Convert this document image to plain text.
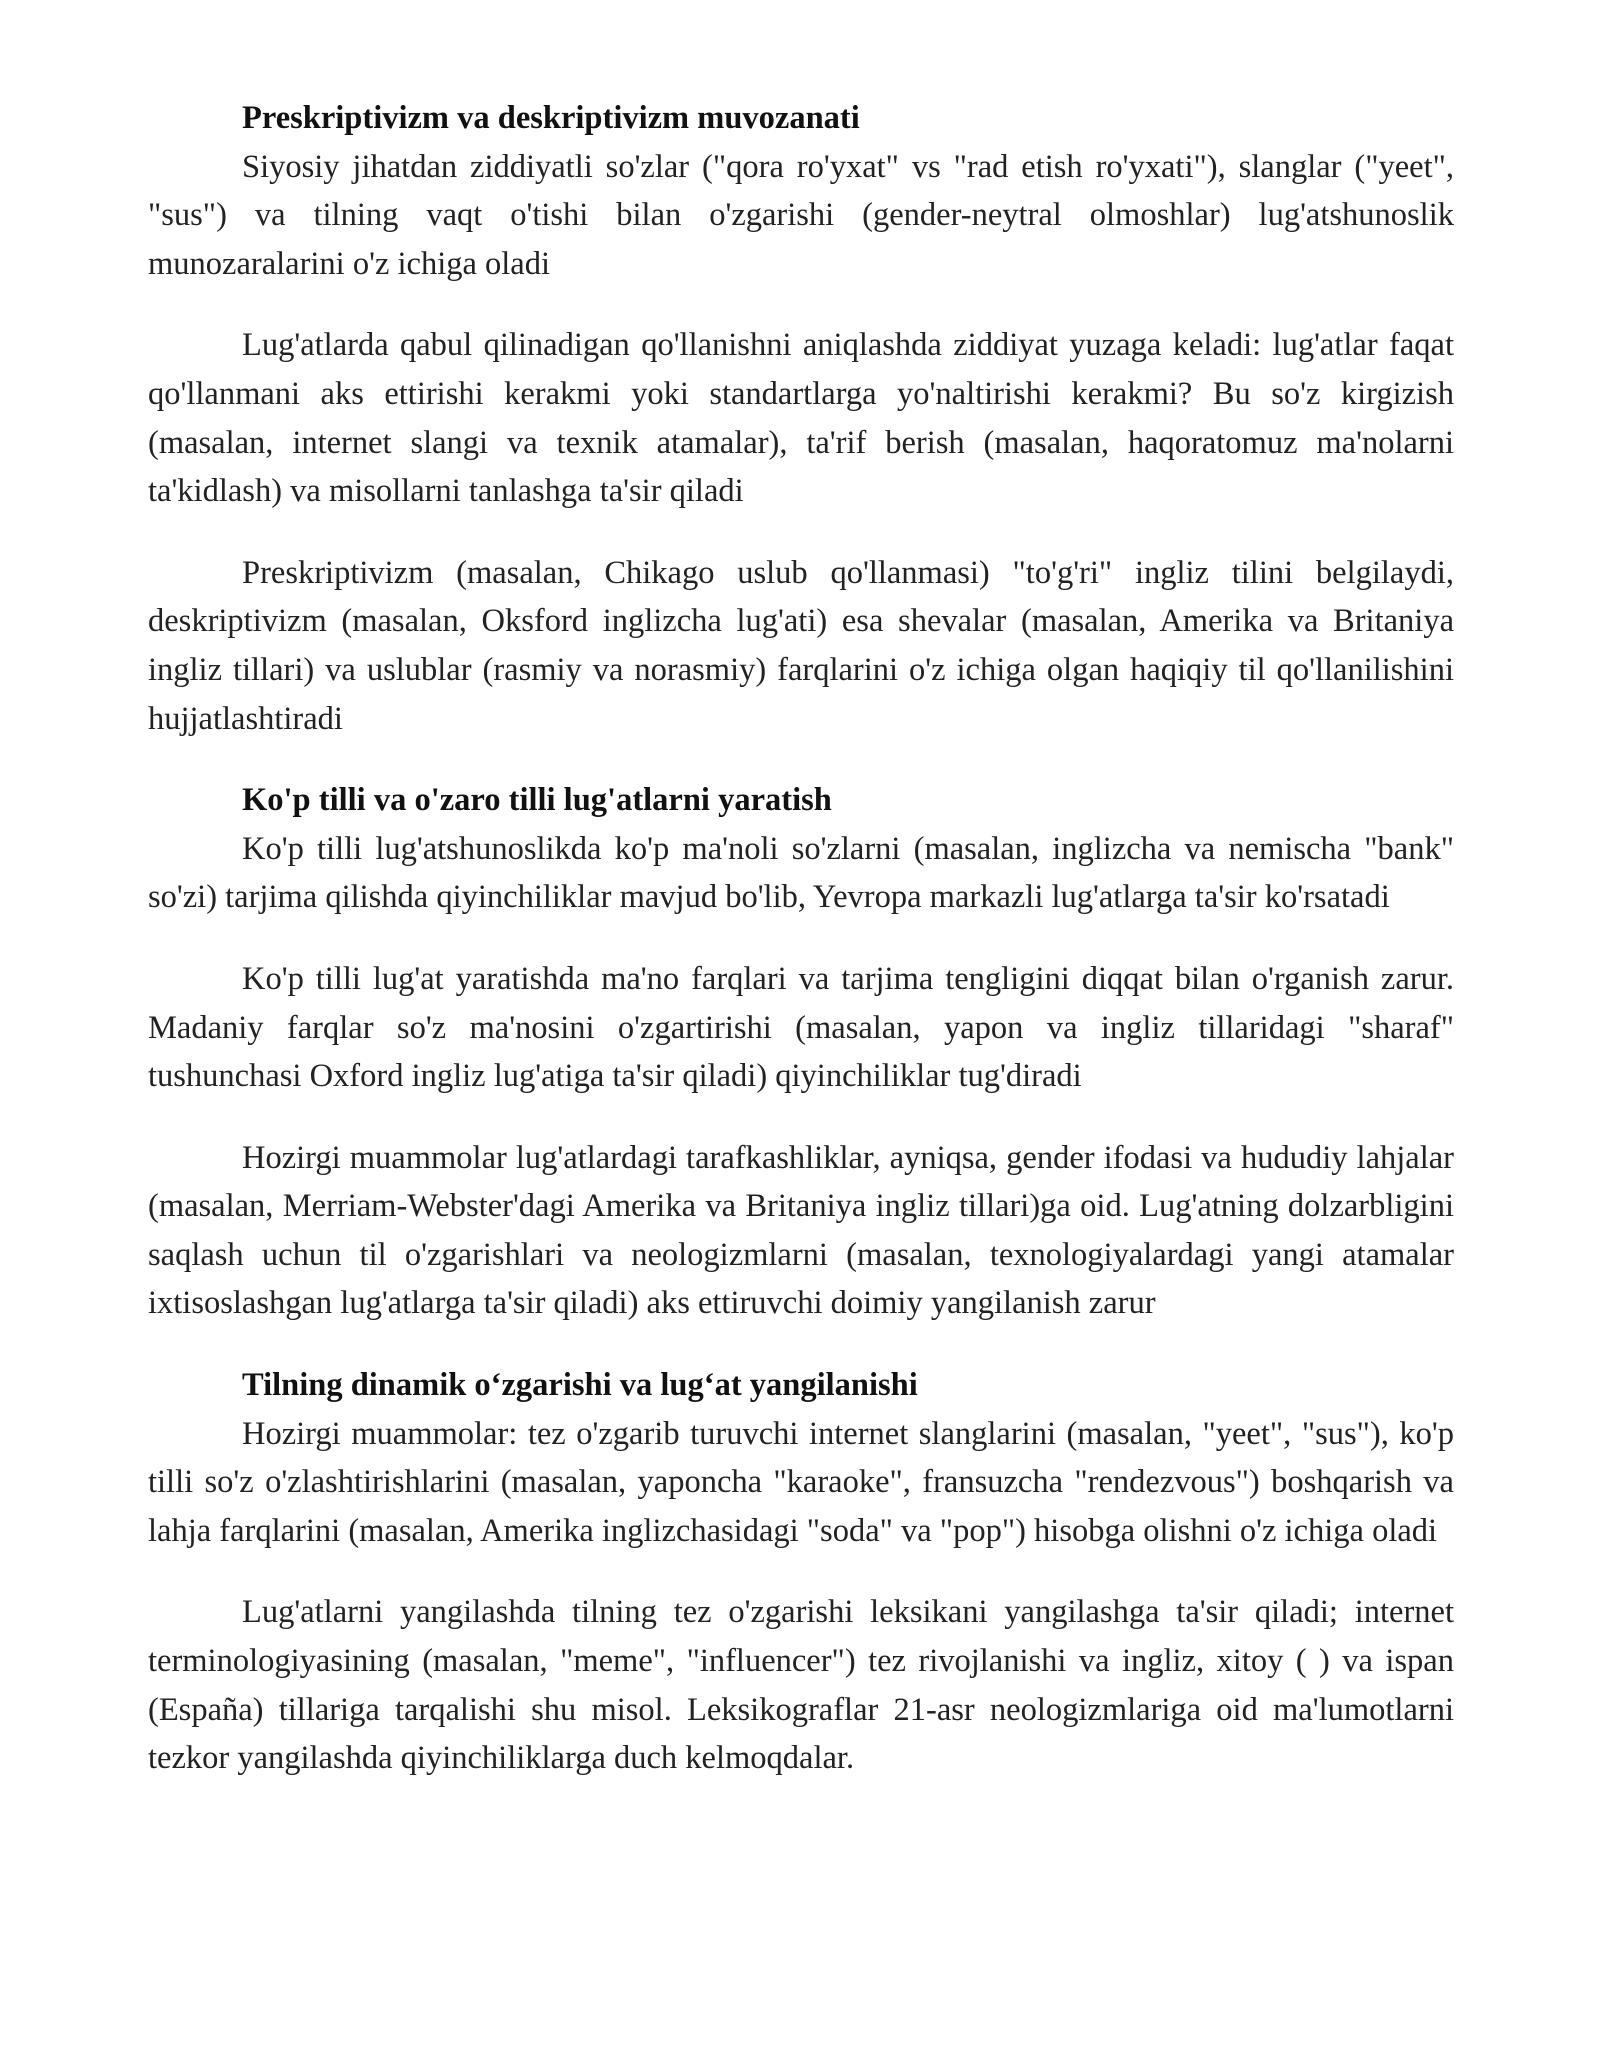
Preskriptivizm va deskriptivizm muvozanati

Siyosiy jihatdan ziddiyatli so'zlar ("qora ro'yxat" vs "rad etish ro'yxati"), slanglar ("yeet", "sus") va tilning vaqt o'tishi bilan o'zgarishi (gender-neytral olmoshlar) lug'atshunoslik munozaralarini o'z ichiga oladi

Lug'atlarda qabul qilinadigan qo'llanishni aniqlashda ziddiyat yuzaga keladi: lug'atlar faqat qo'llanmani aks ettirishi kerakmi yoki standartlarga yo'naltirishi kerakmi? Bu so'z kirgizish (masalan, internet slangi va texnik atamalar), ta'rif berish (masalan, haqoratomuz ma'nolarni ta'kidlash) va misollarni tanlashga ta'sir qiladi

Preskriptivizm (masalan, Chikago uslub qo'llanmasi) "to'g'ri" ingliz tilini belgilaydi, deskriptivizm (masalan, Oksford inglizcha lug'ati) esa shevalar (masalan, Amerika va Britaniya ingliz tillari) va uslublar (rasmiy va norasmiy) farqlarini o'z ichiga olgan haqiqiy til qo'llanilishini hujjatlashtiradi

Ko'p tilli va o'zaro tilli lug'atlarni yaratish

Ko'p tilli lug'atshunoslikda ko'p ma'noli so'zlarni (masalan, inglizcha va nemischa "bank" so'zi) tarjima qilishda qiyinchiliklar mavjud bo'lib, Yevropa markazli lug'atlarga ta'sir ko'rsatadi

Ko'p tilli lug'at yaratishda ma'no farqlari va tarjima tengligini diqqat bilan o'rganish zarur. Madaniy farqlar so'z ma'nosini o'zgartirishi (masalan, yapon va ingliz tillaridagi "sharaf" tushunchasi Oxford ingliz lug'atiga ta'sir qiladi) qiyinchiliklar tug'diradi

Hozirgi muammolar lug'atlardagi tarafkashliklar, ayniqsa, gender ifodasi va hududiy lahjalar (masalan, Merriam-Webster'dagi Amerika va Britaniya ingliz tillari)ga oid. Lug'atning dolzarbligini saqlash uchun til o'zgarishlari va neologizmlarni (masalan, texnologiyalardagi yangi atamalar ixtisoslashgan lug'atlarga ta'sir qiladi) aks ettiruvchi doimiy yangilanish zarur

Tilning dinamik o‘zgarishi va lug‘at yangilanishi

Hozirgi muammolar: tez o'zgarib turuvchi internet slanglarini (masalan, "yeet", "sus"), ko'p tilli so'z o'zlashtirishlarini (masalan, yaponcha "karaoke", fransuzcha "rendezvous") boshqarish va lahja farqlarini (masalan, Amerika inglizchasidagi "soda" va "pop") hisobga olishni o'z ichiga oladi

Lug'atlarni yangilashda tilning tez o'zgarishi leksikani yangilashga ta'sir qiladi; internet terminologiyasining (masalan, "meme", "influencer") tez rivojlanishi va ingliz, xitoy ( ) va ispan (España) tillariga tarqalishi shu misol. Leksikograflar 21-asr neologizmlariga oid ma'lumotlarni tezkor yangilashda qiyinchiliklarga duch kelmoqdalar.
